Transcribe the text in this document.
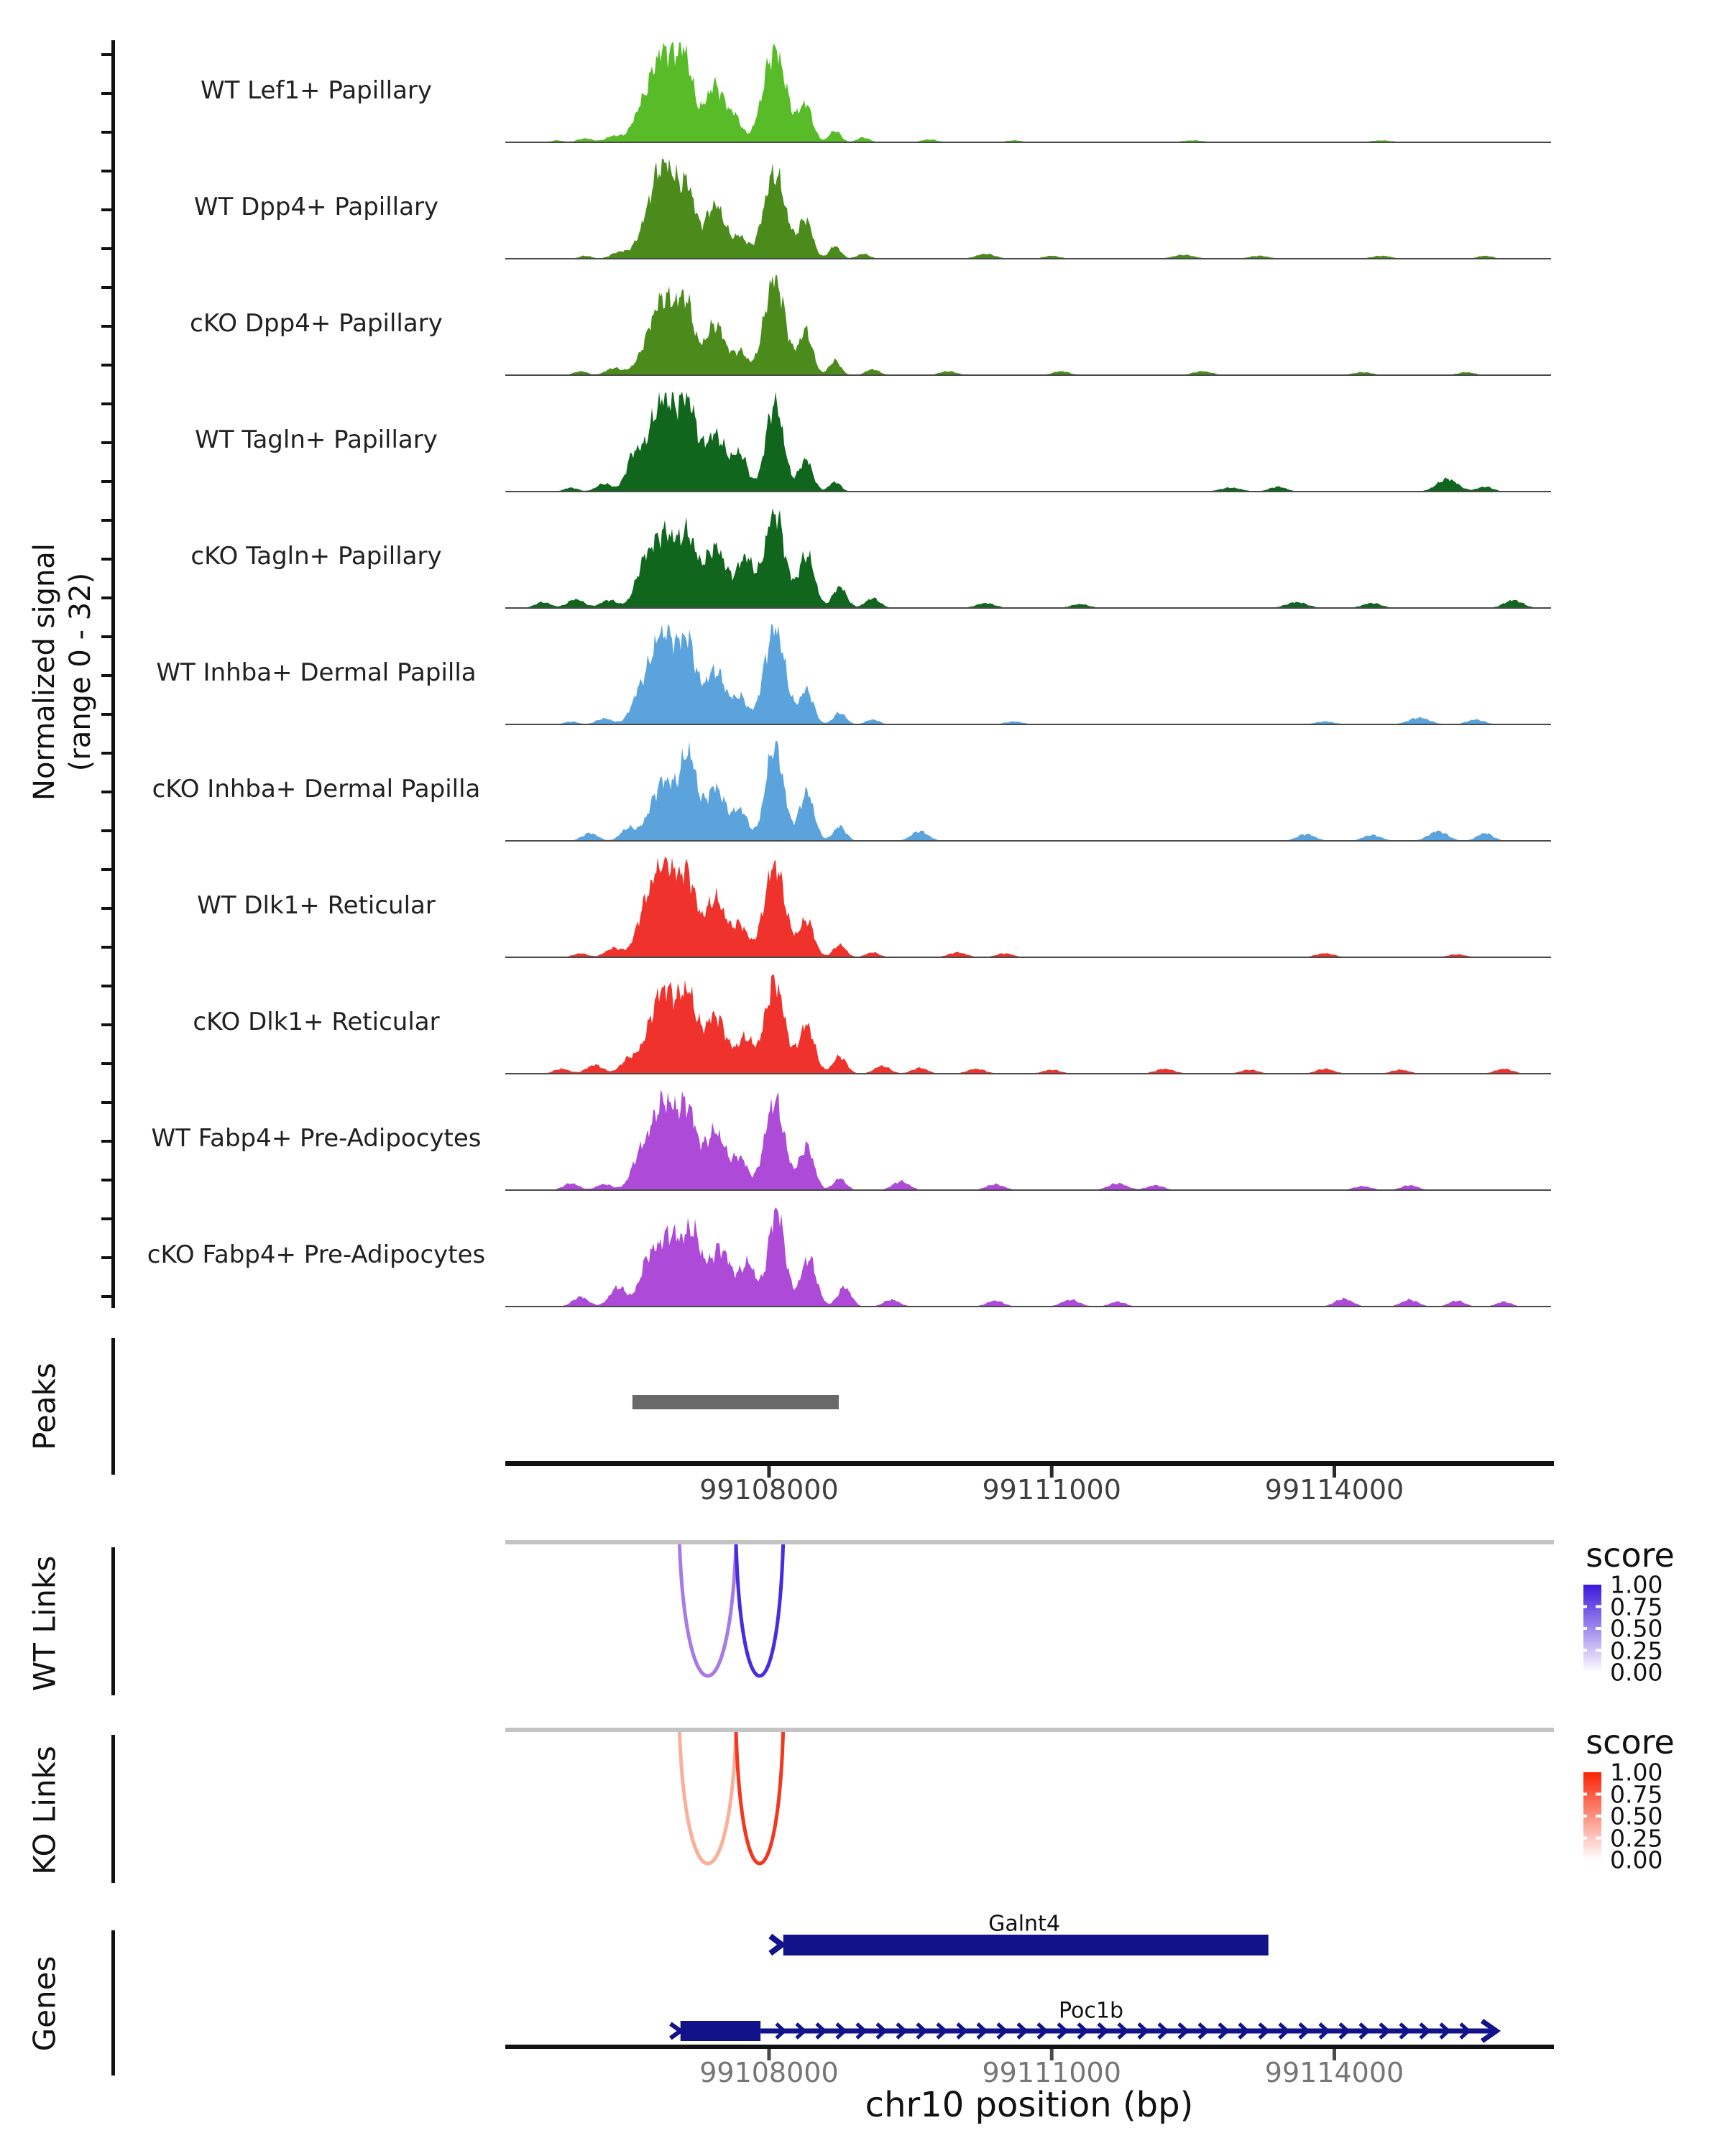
Normalized signal (range 0 - 32)
Peaks
WT Links
KO Links
Genes
score
score
Galnt4
Poc1b
chr10 position (bp)
WT Lef1+ Papillary
WT Dpp4+ Papillary
cKO Dpp4+ Papillary
WT Tagln+ Papillary
cKO Tagln+ Papillary
WT Inhba+ Dermal Papilla
cKO Inhba+ Dermal Papilla
WT Dlk1+ Reticular
cKO Dlk1+ Reticular
WT Fabp4+ Pre-Adipocytes
cKO Fabp4+ Pre-Adipocytes
99108000	99111000	99114000
1.00
0.75
0.50
0.25
0.00
1.00
0.75
0.50
0.25
0.00
99108000	99111000	99114000
